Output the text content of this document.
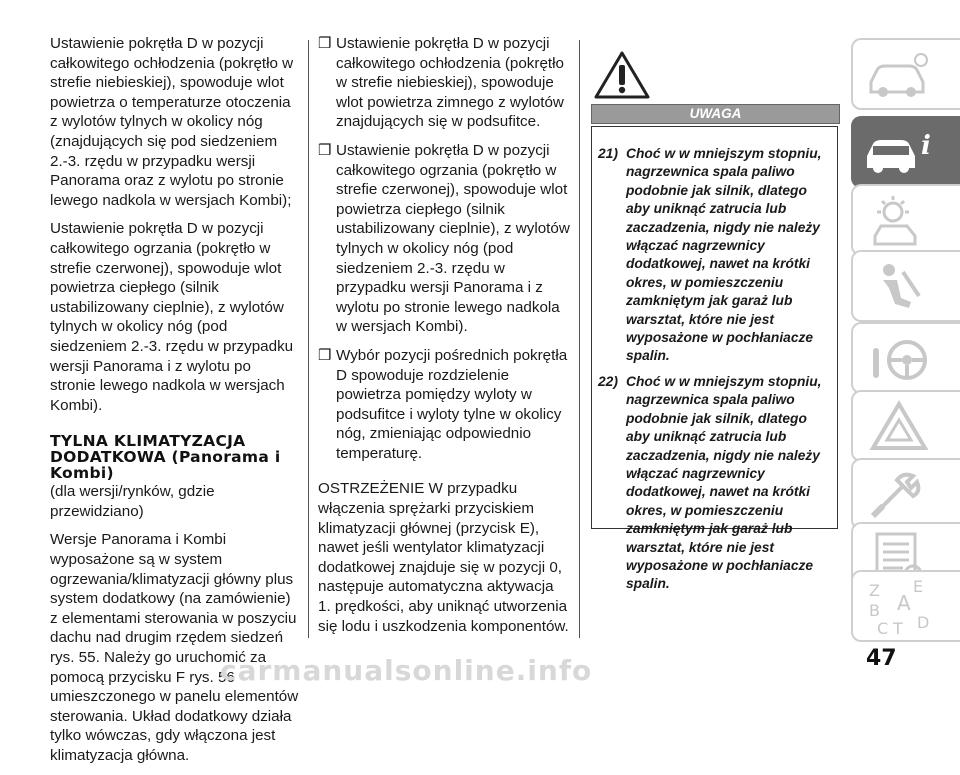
Ustawienie pokrętła D w pozycji całkowitego ochłodzenia (pokrętło w strefie niebieskiej), spowoduje wlot powietrza o temperaturze otoczenia z wylotów tylnych w okolicy nóg (znajdujących się pod siedzeniem 2.-3. rzędu w przypadku wersji Panorama oraz z wylotu po stronie lewego nadkola w wersjach Kombi);

Ustawienie pokrętła D w pozycji całkowitego ogrzania (pokrętło w strefie czerwonej), spowoduje wlot powietrza ciepłego (silnik ustabilizowany cieplnie), z wylotów tylnych w okolicy nóg (pod siedzeniem 2.-3. rzędu w przypadku wersji Panorama i z wylotu po stronie lewego nadkola w wersjach Kombi).

TYLNA KLIMATYZACJA DODATKOWA (Panorama i Kombi)

(dla wersji/rynków, gdzie przewidziano)

Wersje Panorama i Kombi wyposażone są w system ogrzewania/klimatyzacji główny plus system dodatkowy (na zamówienie) z elementami sterowania w poszyciu dachu nad drugim rzędem siedzeń rys. 55. Należy go uruchomić za pomocą przycisku F rys. 56 umieszczonego w panelu elementów sterowania. Układ dodatkowy działa tylko wówczas, gdy włączona jest klimatyzacja główna.

❒ Ustawienie pokrętła D w pozycji całkowitego ochłodzenia (pokrętło w strefie niebieskiej), spowoduje wlot powietrza zimnego z wylotów znajdujących się w podsufitce.
❒ Ustawienie pokrętła D w pozycji całkowitego ogrzania (pokrętło w strefie czerwonej), spowoduje wlot powietrza ciepłego (silnik ustabilizowany cieplnie), z wylotów tylnych w okolicy nóg (pod siedzeniem 2.-3. rzędu w przypadku wersji Panorama i z wylotu po stronie lewego nadkola w wersjach Kombi).
❒ Wybór pozycji pośrednich pokrętła D spowoduje rozdzielenie powietrza pomiędzy wyloty w podsufitce i wyloty tylne w okolicy nóg, zmieniając odpowiednio temperaturę.

OSTRZEŻENIE W przypadku włączenia sprężarki przyciskiem klimatyzacji głównej (przycisk E), nawet jeśli wentylator klimatyzacji dodatkowej znajduje się w pozycji 0, następuje automatyczna aktywacja 1. prędkości, aby uniknąć utworzenia się lodu i uszkodzenia komponentów.

UWAGA
21) Choć w w mniejszym stopniu, nagrzewnica spala paliwo podobnie jak silnik, dlatego aby uniknąć zatrucia lub zaczadzenia, nigdy nie należy włączać nagrzewnicy dodatkowej, nawet na krótki okres, w pomieszczeniu zamkniętym jak garaż lub warsztat, które nie jest wyposażone w pochłaniacze spalin.
22) Choć w w mniejszym stopniu, nagrzewnica spala paliwo podobnie jak silnik, dlatego aby uniknąć zatrucia lub zaczadzenia, nigdy nie należy włączać nagrzewnicy dodatkowej, nawet na krótki okres, w pomieszczeniu zamkniętym jak garaż lub warsztat, które nie jest wyposażone w pochłaniacze spalin.
i
Z E
A
B
C T D
47
carmanualsonline.info
